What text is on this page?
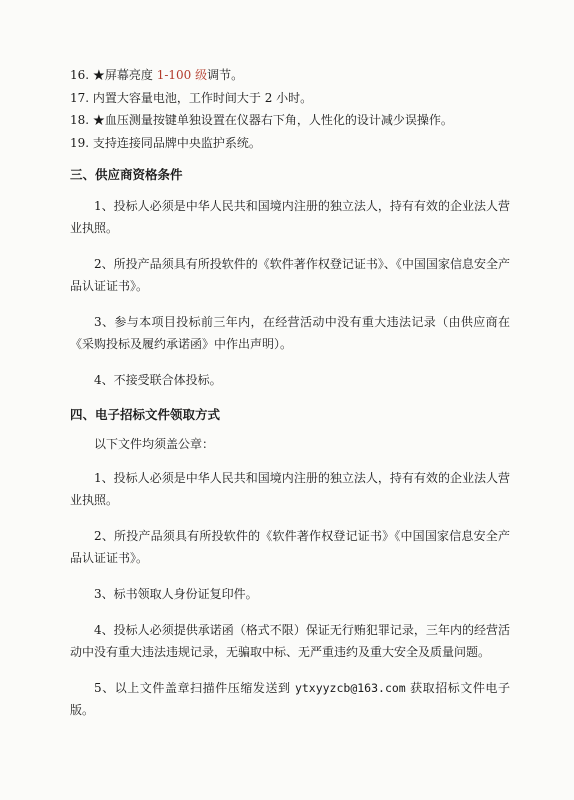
16. ★屏幕亮度 1-100 级调节。
17. 内置大容量电池，工作时间大于 2 小时。
18. ★血压测量按键单独设置在仪器右下角，人性化的设计减少误操作。
19. 支持连接同品牌中央监护系统。
三、供应商资格条件

1、投标人必须是中华人民共和国境内注册的独立法人，持有有效的企业法人营业执照。

2、所投产品须具有所投软件的《软件著作权登记证书》、《中国国家信息安全产品认证证书》。

3、参与本项目投标前三年内，在经营活动中没有重大违法记录（由供应商在《采购投标及履约承诺函》中作出声明）。

4、不接受联合体投标。

四、电子招标文件领取方式

以下文件均须盖公章：

1、投标人必须是中华人民共和国境内注册的独立法人，持有有效的企业法人营业执照。

2、所投产品须具有所投软件的《软件著作权登记证书》《中国国家信息安全产品认证证书》。

3、标书领取人身份证复印件。

4、投标人必须提供承诺函（格式不限）保证无行贿犯罪记录，三年内的经营活动中没有重大违法违规记录，无骗取中标、无严重违约及重大安全及质量问题。

5、以上文件盖章扫描件压缩发送到 ytxyyzcb@163.com 获取招标文件电子版。
